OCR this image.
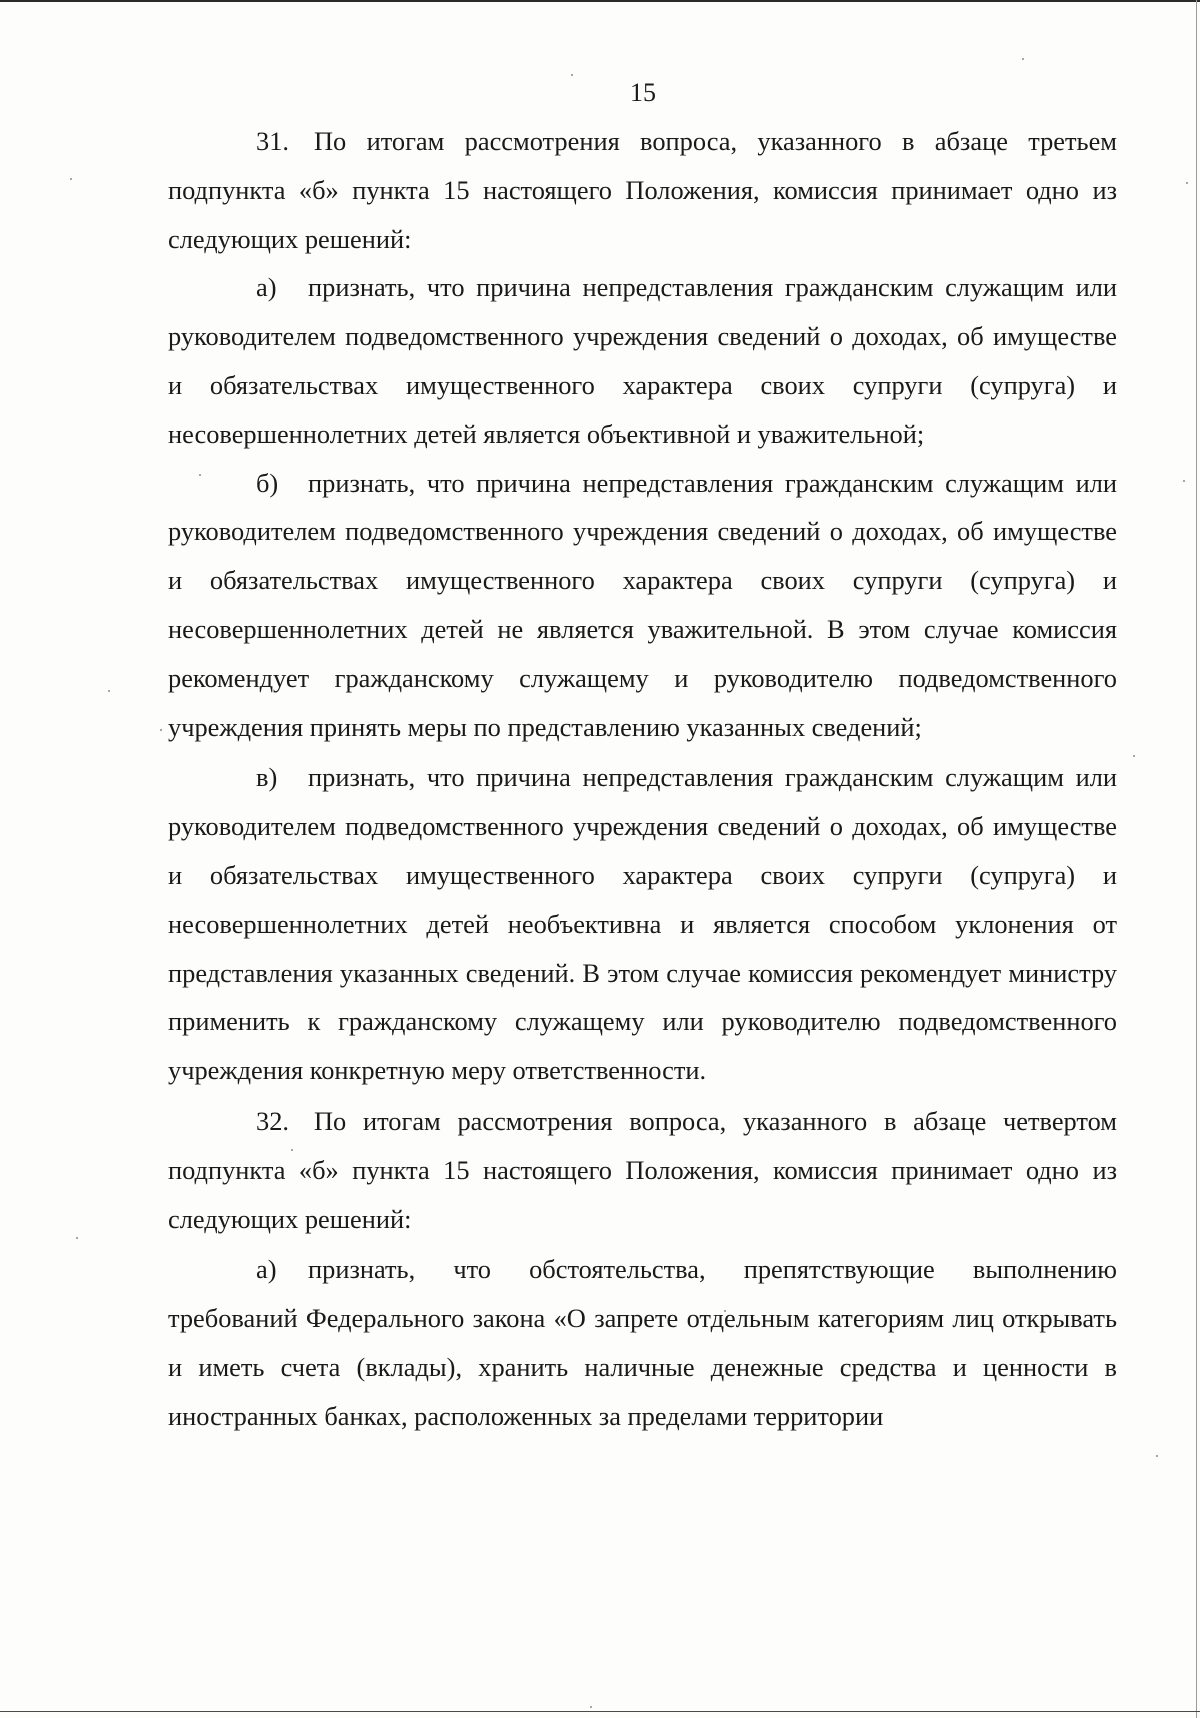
15

31. По итогам рассмотрения вопроса, указанного в абзаце третьем подпункта «б» пункта 15 настоящего Положения, комиссия принимает одно из следующих решений:

а) признать, что причина непредставления гражданским служащим или руководителем подведомственного учреждения сведений о доходах, об имуществе и обязательствах имущественного характера своих супруги (супруга) и несовершеннолетних детей является объективной и уважительной;

б) признать, что причина непредставления гражданским служащим или руководителем подведомственного учреждения сведений о доходах, об имуществе и обязательствах имущественного характера своих супруги (супруга) и несовершеннолетних детей не является уважительной. В этом случае комиссия рекомендует гражданскому служащему и руководителю подведомственного учреждения принять меры по представлению указанных сведений;

в) признать, что причина непредставления гражданским служащим или руководителем подведомственного учреждения сведений о доходах, об имуществе и обязательствах имущественного характера своих супруги (супруга) и несовершеннолетних детей необъективна и является способом уклонения от представления указанных сведений. В этом случае комиссия рекомендует министру применить к гражданскому служащему или руководителю подведомственного учреждения конкретную меру ответственности.

32. По итогам рассмотрения вопроса, указанного в абзаце четвертом подпункта «б» пункта 15 настоящего Положения, комиссия принимает одно из следующих решений:

а) признать, что обстоятельства, препятствующие выполнению требований Федерального закона «О запрете отдельным категориям лиц открывать и иметь счета (вклады), хранить наличные денежные средства и ценности в иностранных банках, расположенных за пределами территории
